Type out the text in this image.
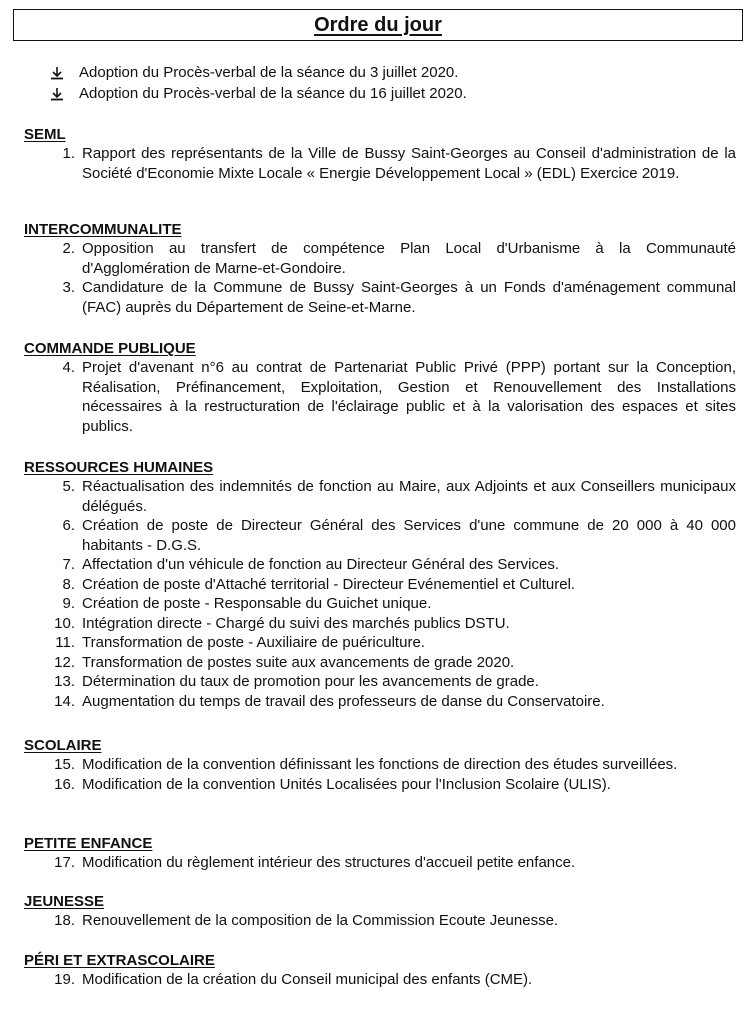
Ordre du jour
Adoption du Procès-verbal de la séance du 3 juillet 2020.
Adoption du Procès-verbal de la séance du 16 juillet 2020.
SEML
1. Rapport des représentants de la Ville de Bussy Saint-Georges au Conseil d'administration de la Société d'Economie Mixte Locale « Energie Développement Local » (EDL) Exercice 2019.
INTERCOMMUNALITE
2. Opposition au transfert de compétence Plan Local d'Urbanisme à la Communauté d'Agglomération de Marne-et-Gondoire.
3. Candidature de la Commune de Bussy Saint-Georges à un Fonds d'aménagement communal (FAC) auprès du Département de Seine-et-Marne.
COMMANDE PUBLIQUE
4. Projet d'avenant n°6 au contrat de Partenariat Public Privé (PPP) portant sur la Conception, Réalisation, Préfinancement, Exploitation, Gestion et Renouvellement des Installations nécessaires à la restructuration de l'éclairage public et à la valorisation des espaces et sites publics.
RESSOURCES HUMAINES
5. Réactualisation des indemnités de fonction au Maire, aux Adjoints et aux Conseillers municipaux délégués.
6. Création de poste de Directeur Général des Services d'une commune de 20 000 à 40 000 habitants - D.G.S.
7. Affectation d'un véhicule de fonction au Directeur Général des Services.
8. Création de poste d'Attaché territorial - Directeur Evénementiel et Culturel.
9. Création de poste - Responsable du Guichet unique.
10. Intégration directe - Chargé du suivi des marchés publics DSTU.
11. Transformation de poste - Auxiliaire de puériculture.
12. Transformation de postes suite aux avancements de grade 2020.
13. Détermination du taux de promotion pour les avancements de grade.
14. Augmentation du temps de travail des professeurs de danse du Conservatoire.
SCOLAIRE
15. Modification de la convention définissant les fonctions de direction des études surveillées.
16. Modification de la convention Unités Localisées pour l'Inclusion Scolaire (ULIS).
PETITE ENFANCE
17. Modification du règlement intérieur des structures d'accueil petite enfance.
JEUNESSE
18. Renouvellement de la composition de la Commission Ecoute Jeunesse.
PÉRI ET EXTRASCOLAIRE
19. Modification de la création du Conseil municipal des enfants (CME).
